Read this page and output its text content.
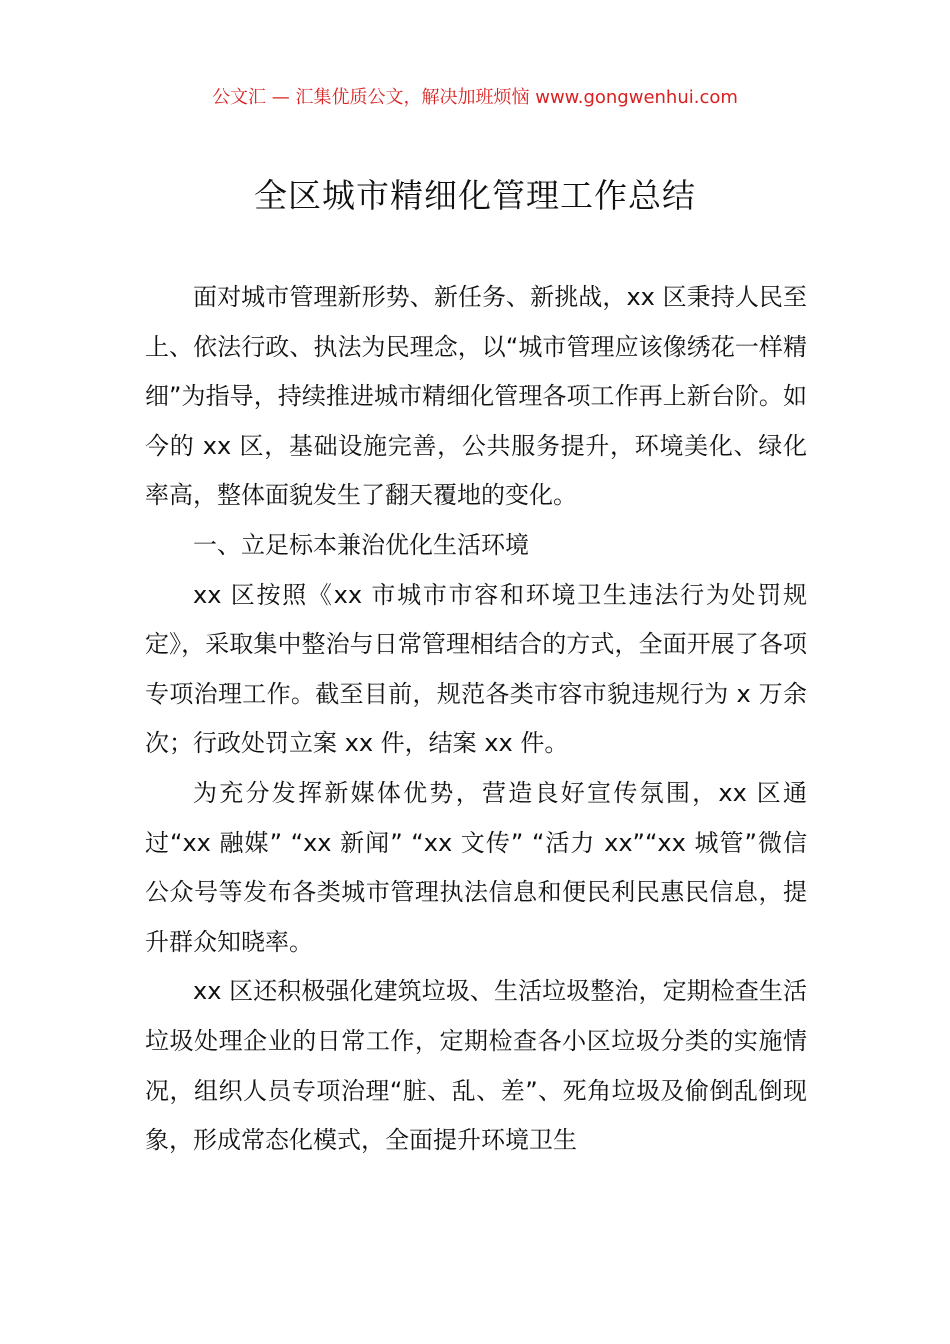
公文汇 — 汇集优质公文，解决加班烦恼 www.gongwenhui.com
全区城市精细化管理工作总结

面对城市管理新形势、新任务、新挑战，xx 区秉持人民至上、依法行政、执法为民理念，以“城市管理应该像绣花一样精细”为指导，持续推进城市精细化管理各项工作再上新台阶。如今的 xx 区，基础设施完善，公共服务提升，环境美化、绿化率高，整体面貌发生了翻天覆地的变化。

一、立足标本兼治优化生活环境

xx 区按照《xx 市城市市容和环境卫生违法行为处罚规定》，采取集中整治与日常管理相结合的方式，全面开展了各项专项治理工作。截至目前，规范各类市容市貌违规行为 x 万余次；行政处罚立案 xx 件，结案 xx 件。

为充分发挥新媒体优势，营造良好宣传氛围，xx 区通过“xx 融媒” “xx 新闻” “xx 文传” “活力 xx”“xx 城管”微信公众号等发布各类城市管理执法信息和便民利民惠民信息，提升群众知晓率。

xx 区还积极强化建筑垃圾、生活垃圾整治，定期检查生活垃圾处理企业的日常工作，定期检查各小区垃圾分类的实施情况，组织人员专项治理“脏、乱、差”、死角垃圾及偷倒乱倒现象，形成常态化模式，全面提升环境卫生
